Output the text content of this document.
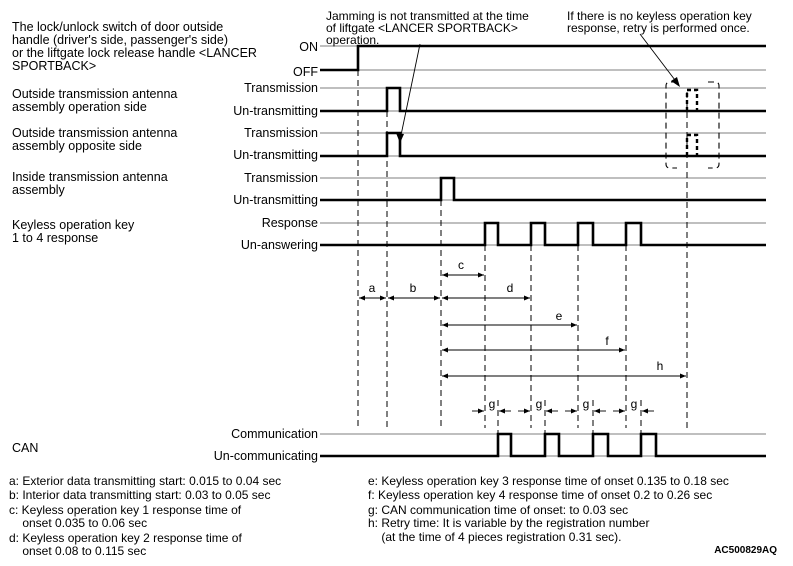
Jamming is not transmitted at the time
of liftgate <LANCER SPORTBACK>
operation.
If there is no keyless operation key
response, retry is performed once.
The lock/unlock switch of door outside
handle (driver's side, passenger's side)
or the liftgate lock release handle <LANCER
SPORTBACK>
Outside transmission antenna
assembly operation side
Outside transmission antenna
assembly opposite side
Inside transmission antenna
assembly
Keyless operation key
1 to 4 response
CAN
ON
OFF
Transmission
Un-transmitting
Transmission
Un-transmitting
Transmission
Un-transmitting
Response
Un-answering
Communication
Un-communicating
a	b
c
d
e
f
h
g	g	g	g
a: Exterior data transmitting start: 0.015 to 0.04 sec
b: Interior data transmitting start: 0.03 to 0.05 sec
c: Keyless operation key 1 response time of
onset 0.035 to 0.06 sec
d: Keyless operation key 2 response time of
onset 0.08 to 0.115 sec
e: Keyless operation key 3 response time of onset 0.135 to 0.18 sec
f: Keyless operation key 4 response time of onset 0.2 to 0.26 sec
g: CAN communication time of onset: to 0.03 sec
h: Retry time: It is variable by the registration number
(at the time of 4 pieces registration 0.31 sec).
AC500829AQ
